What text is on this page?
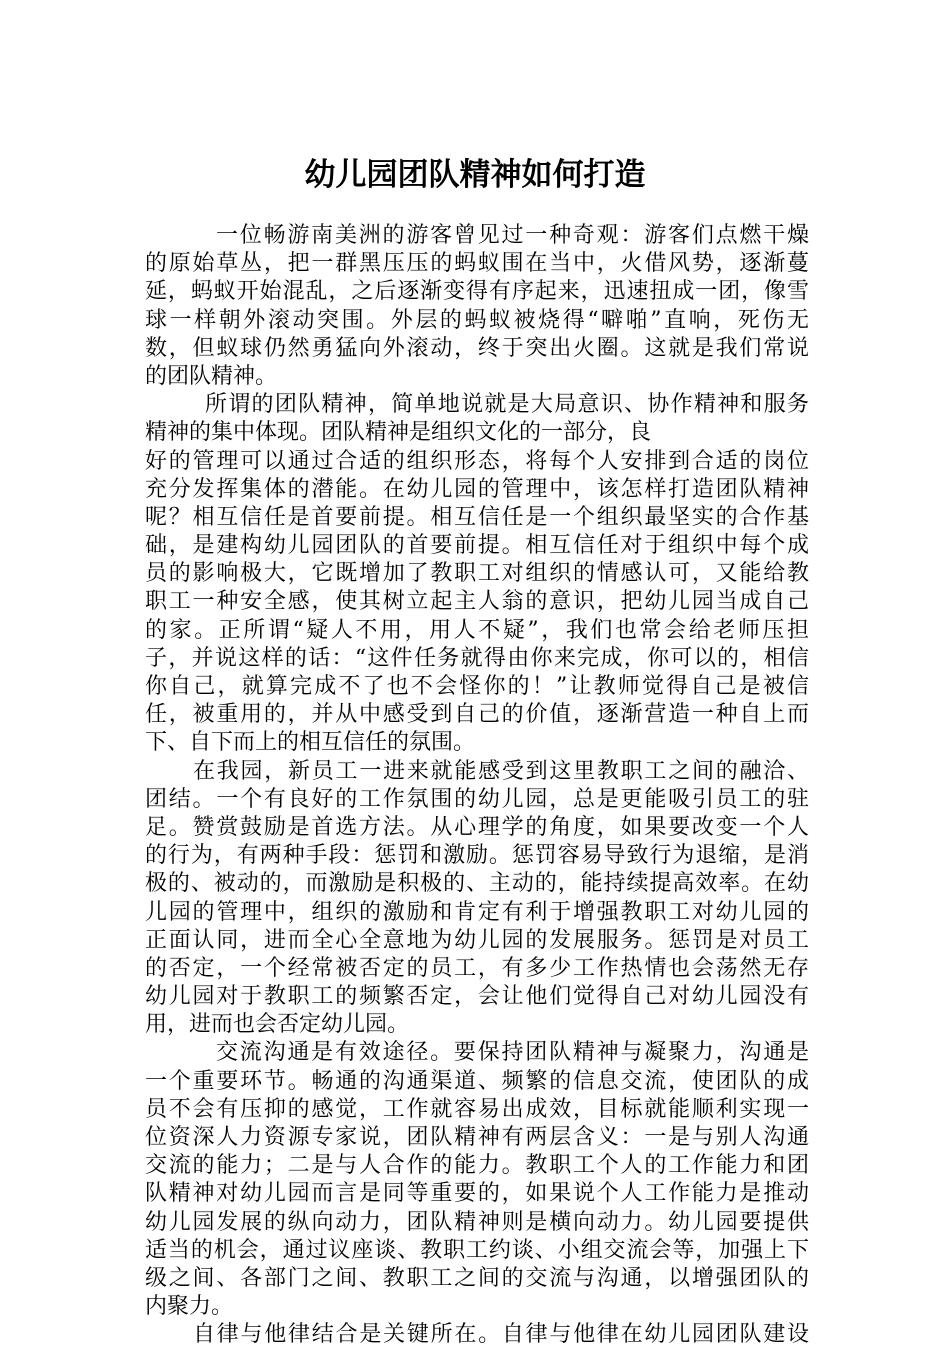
幼儿园团队精神如何打造
一位畅游南美洲的游客曾见过一种奇观：游客们点燃干燥
的原始草丛，把一群黑压压的蚂蚁围在当中，火借风势，逐渐蔓
延，蚂蚁开始混乱，之后逐渐变得有序起来，迅速扭成一团，像雪
球一样朝外滚动突围。外层的蚂蚁被烧得“噼啪”直响，死伤无
数，但蚁球仍然勇猛向外滚动，终于突出火圈。这就是我们常说
的团队精神。
所谓的团队精神，简单地说就是大局意识、协作精神和服务
精神的集中体现。团队精神是组织文化的一部分，良
好的管理可以通过合适的组织形态，将每个人安排到合适的岗位
充分发挥集体的潜能。在幼儿园的管理中，该怎样打造团队精神
呢？相互信任是首要前提。相互信任是一个组织最坚实的合作基
础，是建构幼儿园团队的首要前提。相互信任对于组织中每个成
员的影响极大，它既增加了教职工对组织的情感认可，又能给教
职工一种安全感，使其树立起主人翁的意识，把幼儿园当成自己
的家。正所谓“疑人不用，用人不疑”，我们也常会给老师压担
子，并说这样的话：“这件任务就得由你来完成，你可以的，相信
你自己，就算完成不了也不会怪你的！”让教师觉得自己是被信
任，被重用的，并从中感受到自己的价值，逐渐营造一种自上而
下、自下而上的相互信任的氛围。
在我园，新员工一进来就能感受到这里教职工之间的融洽、
团结。一个有良好的工作氛围的幼儿园，总是更能吸引员工的驻
足。赞赏鼓励是首选方法。从心理学的角度，如果要改变一个人
的行为，有两种手段：惩罚和激励。惩罚容易导致行为退缩，是消
极的、被动的，而激励是积极的、主动的，能持续提高效率。在幼
儿园的管理中，组织的激励和肯定有利于增强教职工对幼儿园的
正面认同，进而全心全意地为幼儿园的发展服务。惩罚是对员工
的否定，一个经常被否定的员工，有多少工作热情也会荡然无存
幼儿园对于教职工的频繁否定，会让他们觉得自己对幼儿园没有
用，进而也会否定幼儿园。
交流沟通是有效途径。要保持团队精神与凝聚力，沟通是
一个重要环节。畅通的沟通渠道、频繁的信息交流，使团队的成
员不会有压抑的感觉，工作就容易出成效，目标就能顺利实现一
位资深人力资源专家说，团队精神有两层含义：一是与别人沟通
交流的能力；二是与人合作的能力。教职工个人的工作能力和团
队精神对幼儿园而言是同等重要的，如果说个人工作能力是推动
幼儿园发展的纵向动力，团队精神则是横向动力。幼儿园要提供
适当的机会，通过议座谈、教职工约谈、小组交流会等，加强上下
级之间、各部门之间、教职工之间的交流与沟通，以增强团队的
内聚力。
自律与他律结合是关键所在。自律与他律在幼儿园团队建设
